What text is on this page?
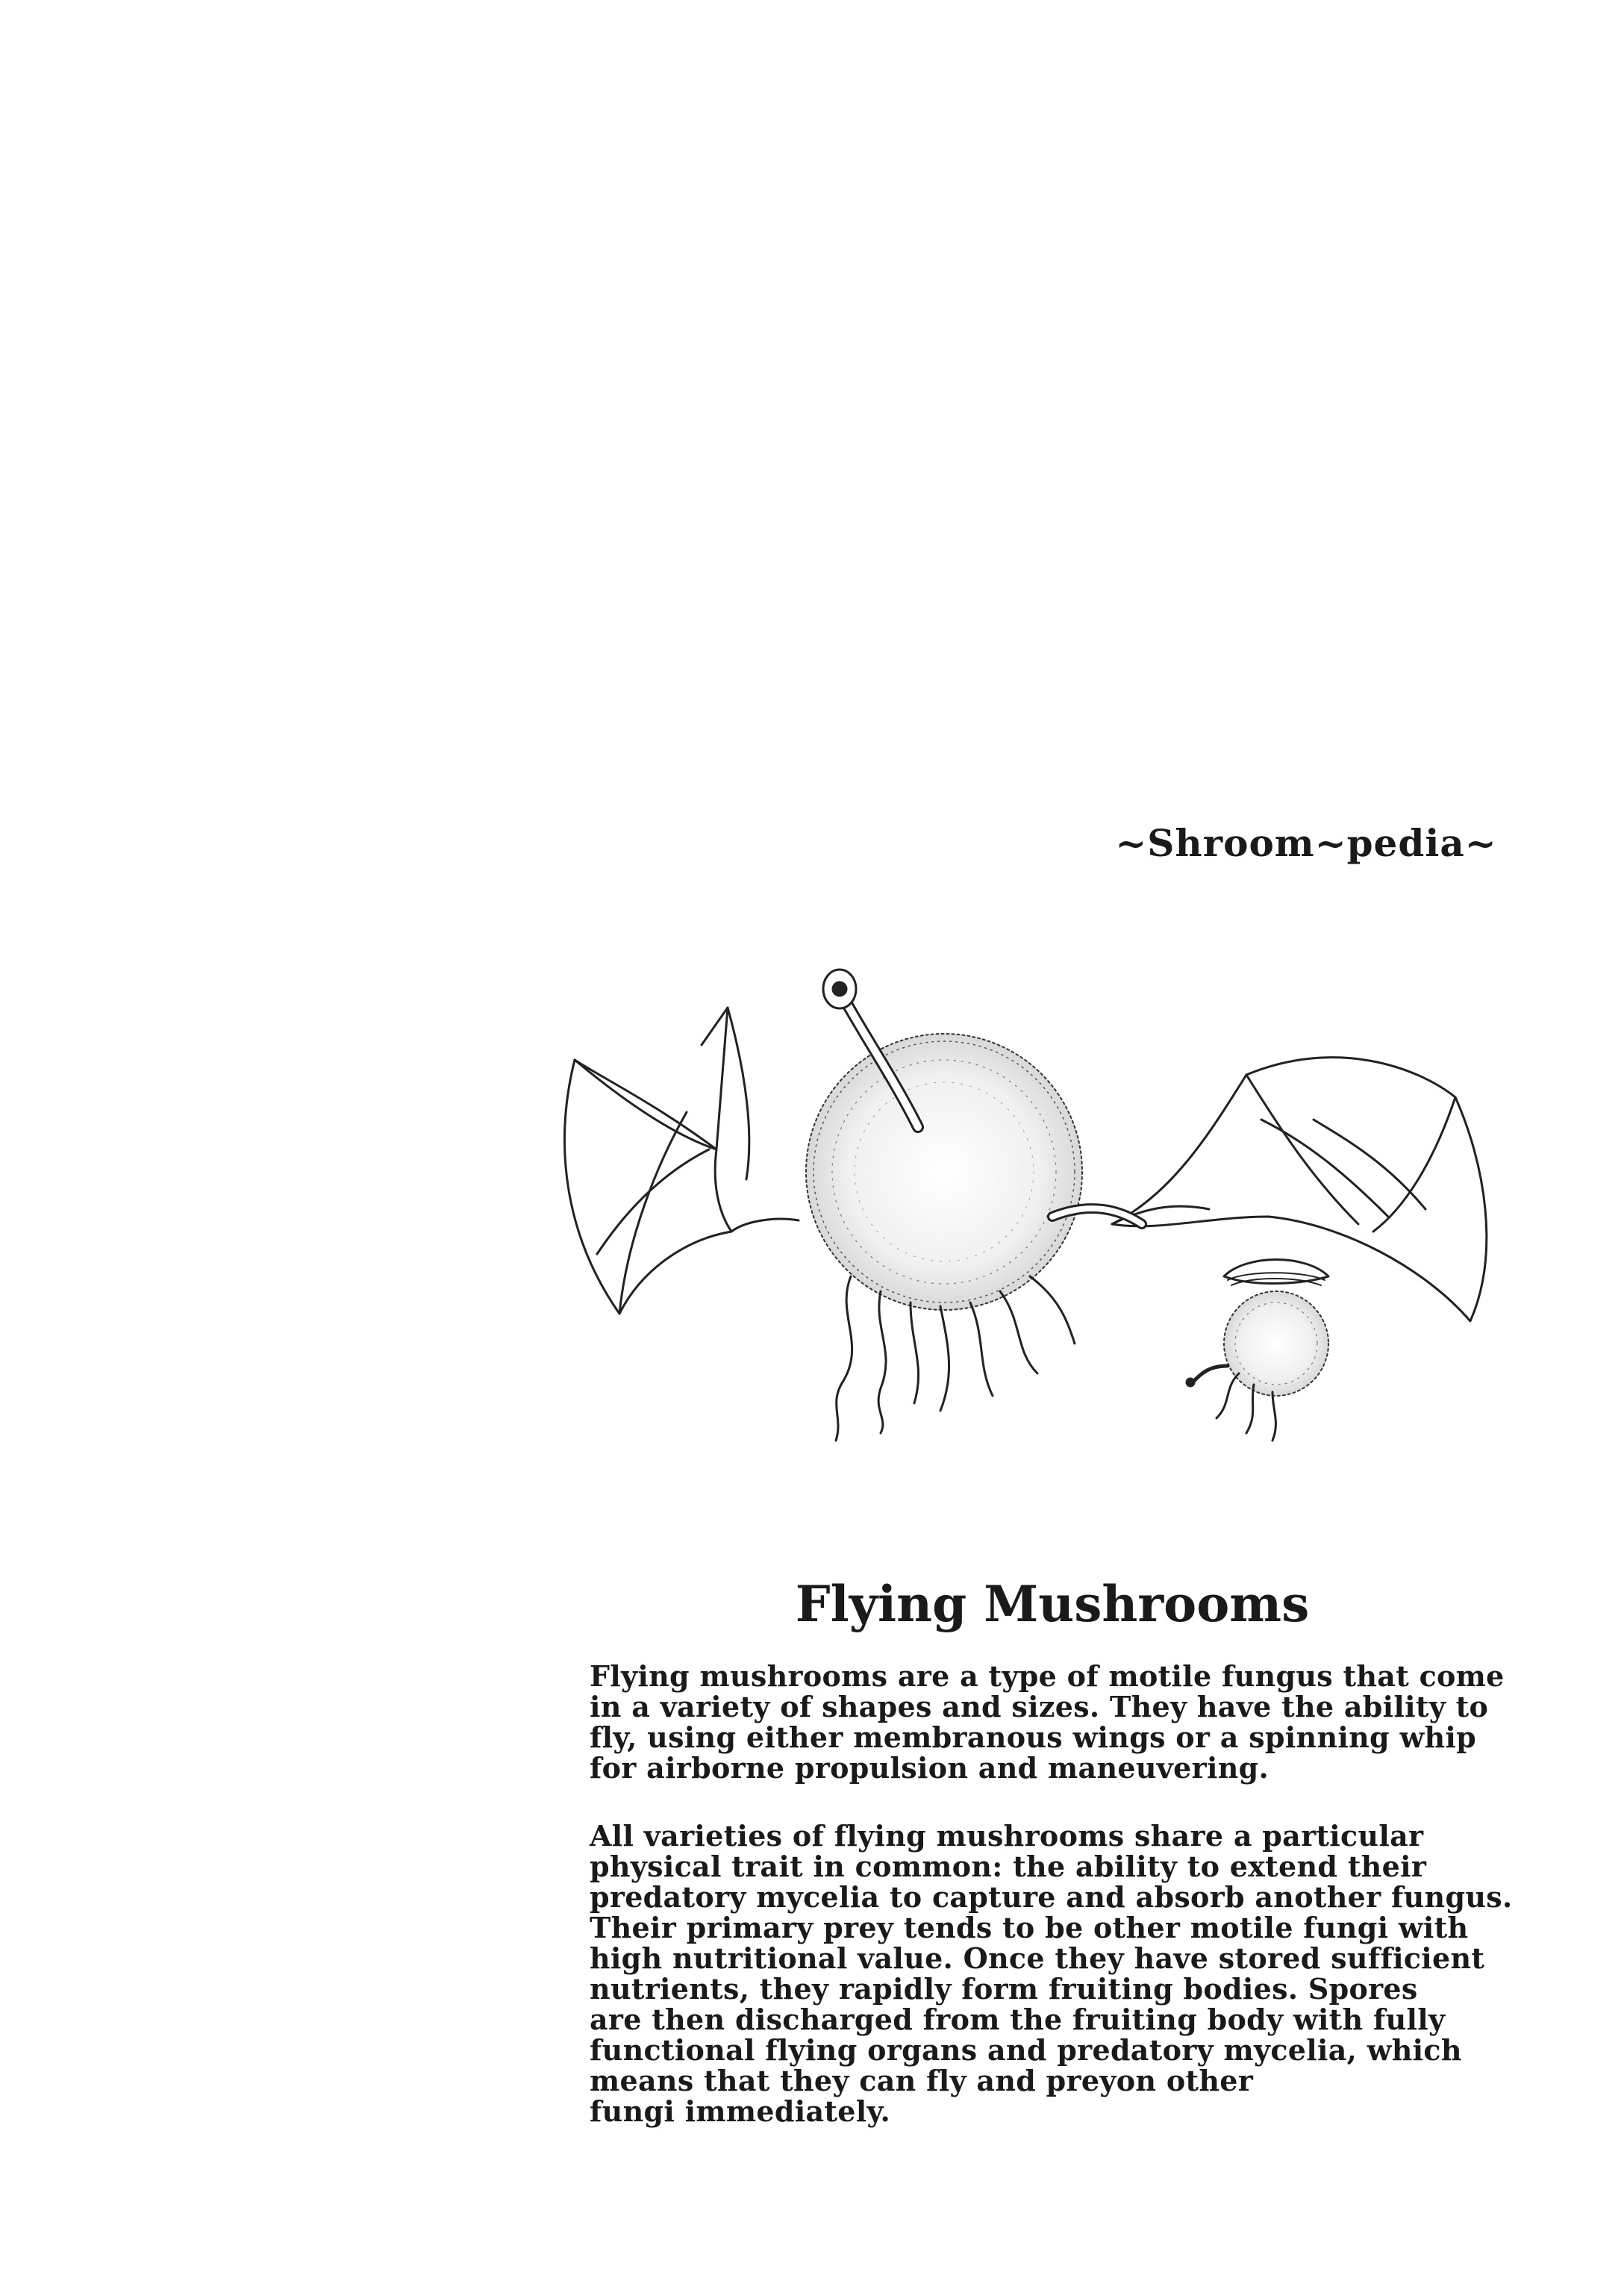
~Shroom~pedia~
Flying Mushrooms

Flying mushrooms are a type of motile fungus that come
in a variety of shapes and sizes. They have the ability to
fly, using either membranous wings or a spinning whip
for airborne propulsion and maneuvering.

All varieties of flying mushrooms share a particular
physical trait in common: the ability to extend their
predatory mycelia to capture and absorb another fungus.
Their primary prey tends to be other motile fungi with
high nutritional value. Once they have stored sufficient
nutrients, they rapidly form fruiting bodies. Spores
are then discharged from the fruiting body with fully
functional flying organs and predatory mycelia, which
means that they can fly and preyon other
fungi immediately.
